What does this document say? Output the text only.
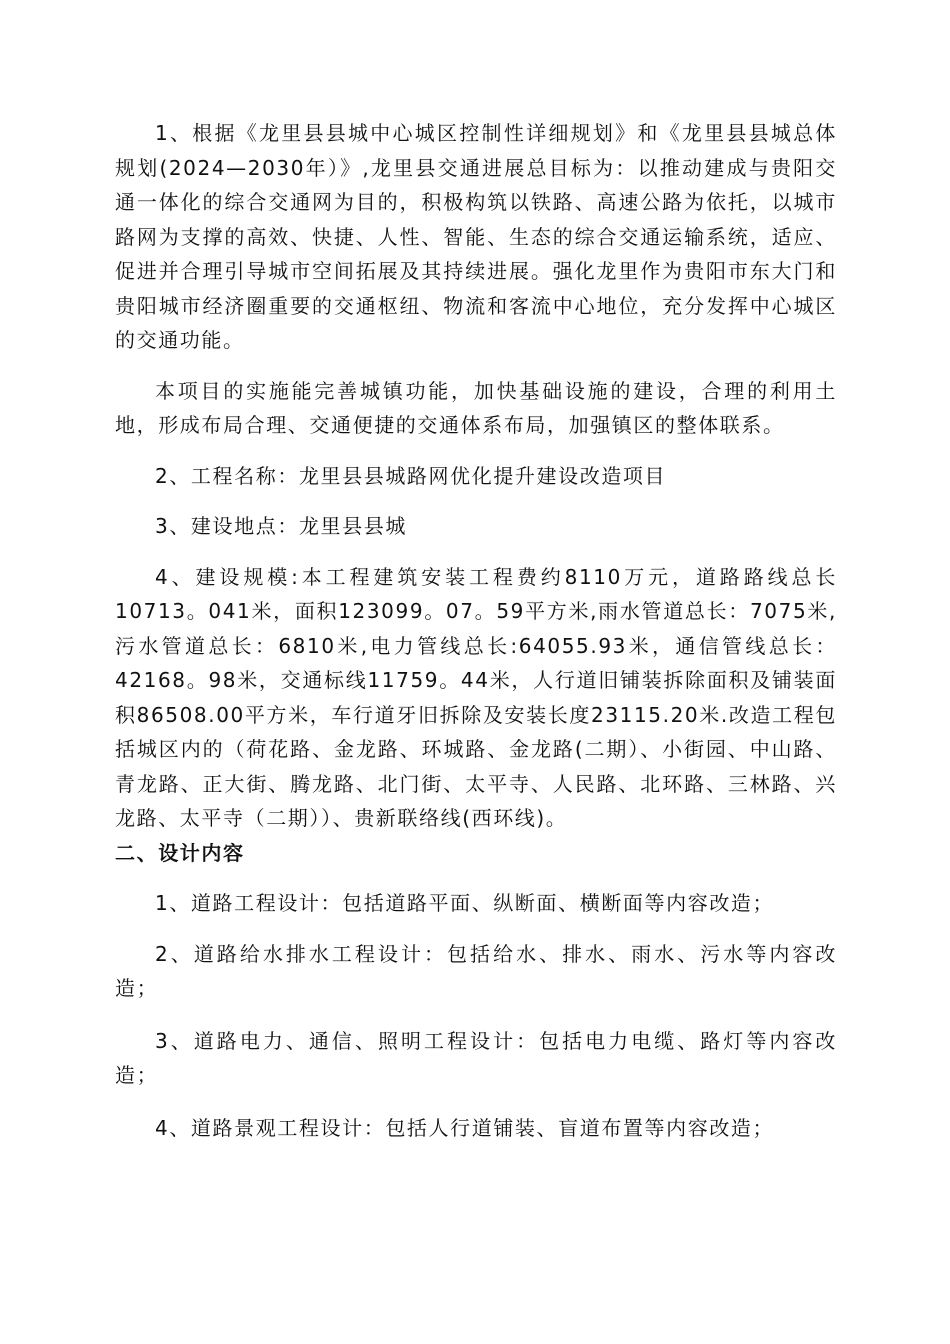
1、根据《龙里县县城中心城区控制性详细规划》和《龙里县县城总体规划(2024—2030年）》,龙里县交通进展总目标为：以推动建成与贵阳交通一体化的综合交通网为目的，积极构筑以铁路、高速公路为依托，以城市路网为支撑的高效、快捷、人性、智能、生态的综合交通运输系统，适应、促进并合理引导城市空间拓展及其持续进展。强化龙里作为贵阳市东大门和贵阳城市经济圈重要的交通枢纽、物流和客流中心地位，充分发挥中心城区的交通功能。

本项目的实施能完善城镇功能，加快基础设施的建设，合理的利用土地，形成布局合理、交通便捷的交通体系布局，加强镇区的整体联系。

2、工程名称：龙里县县城路网优化提升建设改造项目

3、建设地点：龙里县县城

4、建设规模:本工程建筑安装工程费约8110万元，道路路线总长10713。041米，面积123099。07。59平方米,雨水管道总长：7075米,污水管道总长：6810米,电力管线总长:64055.93米，通信管线总长：42168。98米，交通标线11759。44米，人行道旧铺装拆除面积及铺装面积86508.00平方米，车行道牙旧拆除及安装长度23115.20米.改造工程包括城区内的（荷花路、金龙路、环城路、金龙路(二期）、小街园、中山路、青龙路、正大街、腾龙路、北门街、太平寺、人民路、北环路、三林路、兴龙路、太平寺（二期））、贵新联络线(西环线)。

二、设计内容

1、道路工程设计：包括道路平面、纵断面、横断面等内容改造；

2、道路给水排水工程设计：包括给水、排水、雨水、污水等内容改造；

3、道路电力、通信、照明工程设计：包括电力电缆、路灯等内容改造；

4、道路景观工程设计：包括人行道铺装、盲道布置等内容改造；
